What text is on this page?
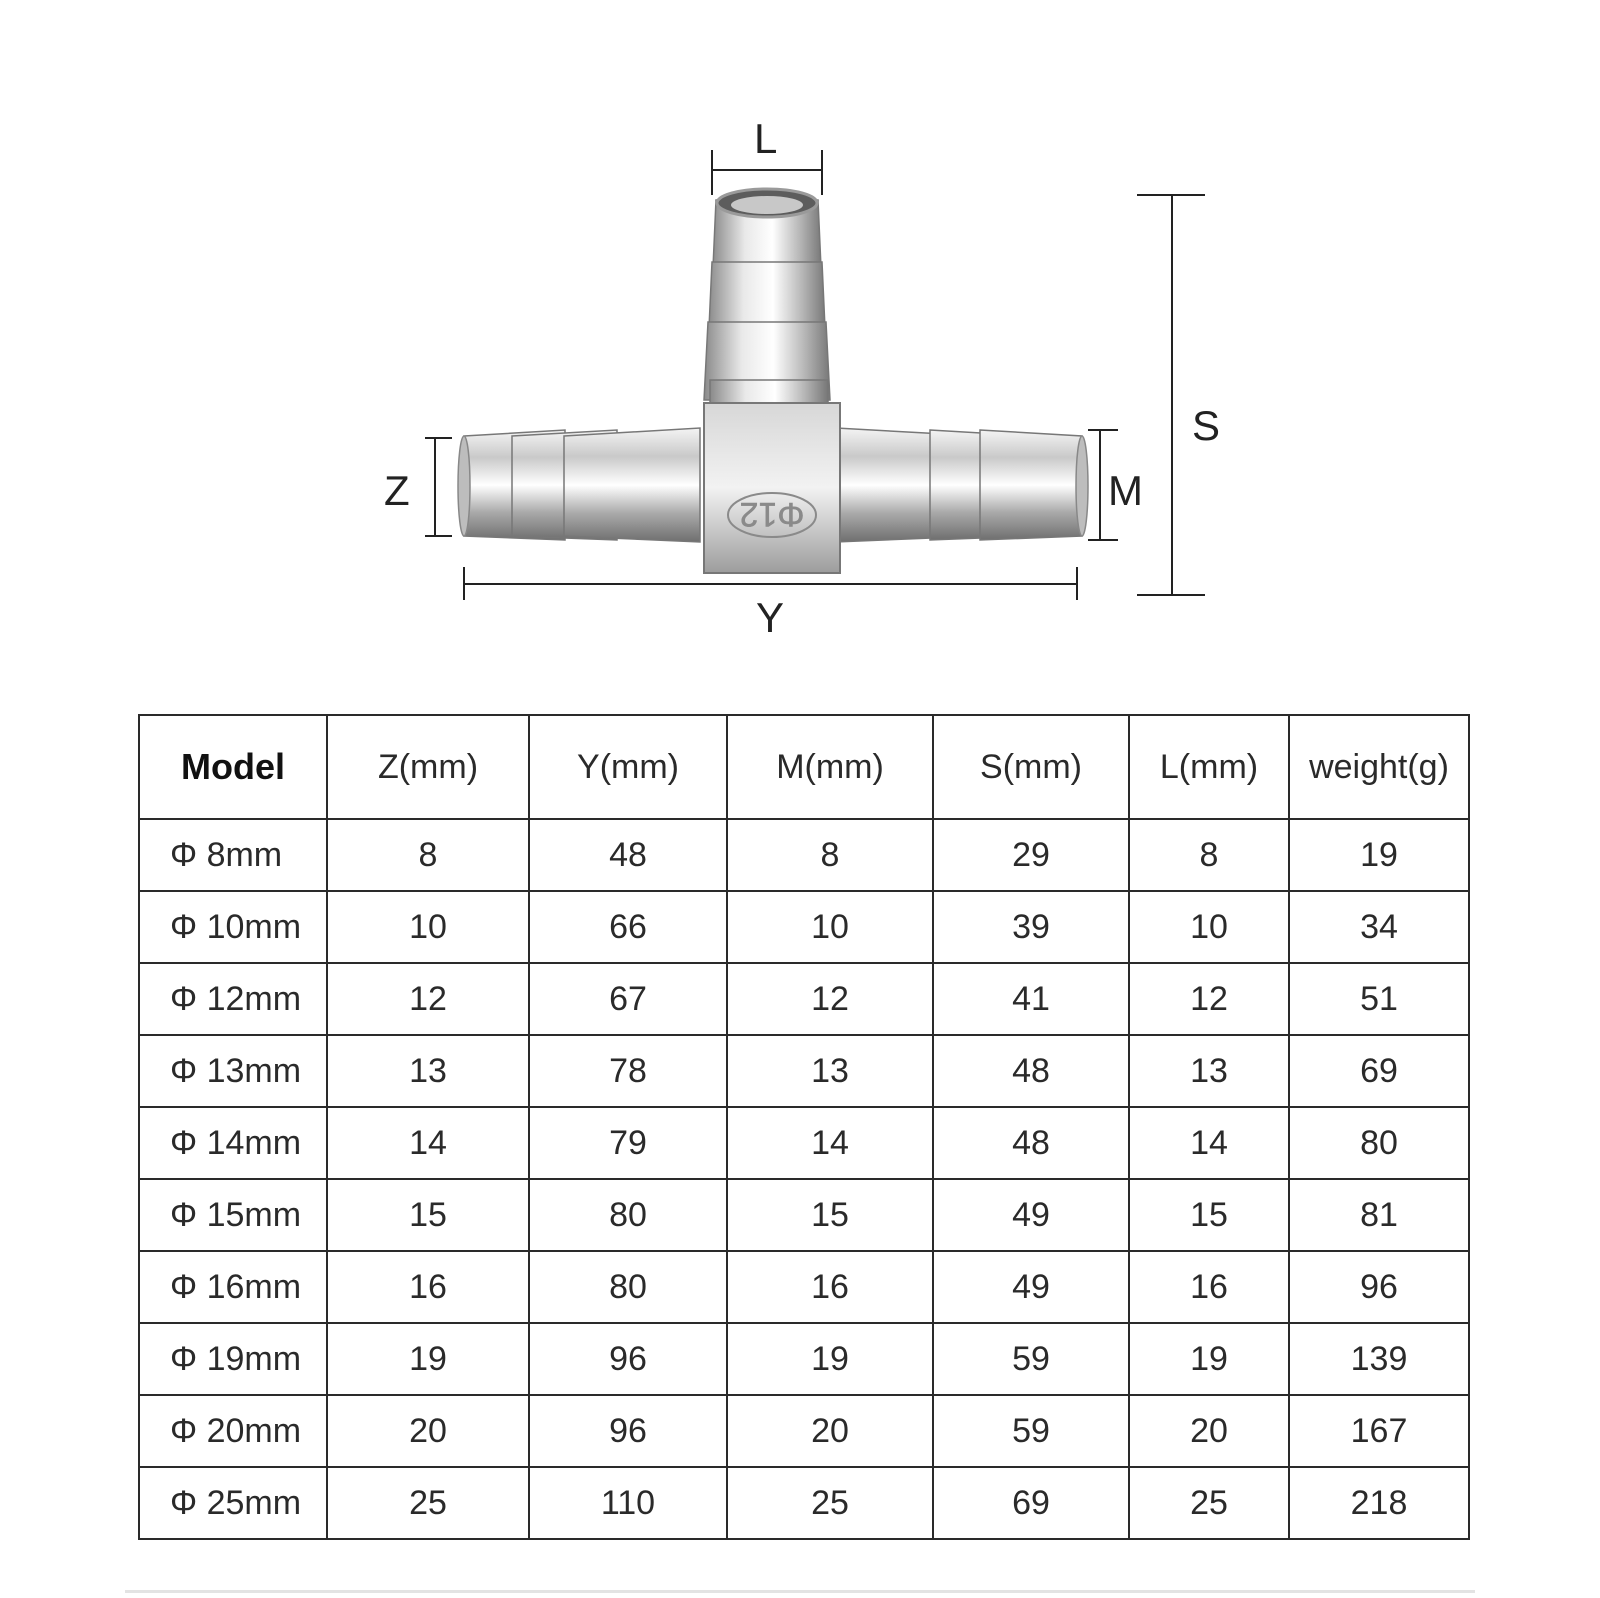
Φ12
L
S
Z	M
Y
Model	Z(mm)	Y(mm)	M(mm)	S(mm)	L(mm)	weight(g)
Φ 8mm	8	48	8	29	8	19
Φ 10mm	10	66	10	39	10	34
Φ 12mm	12	67	12	41	12	51
Φ 13mm	13	78	13	48	13	69
Φ 14mm	14	79	14	48	14	80
Φ 15mm	15	80	15	49	15	81
Φ 16mm	16	80	16	49	16	96
Φ 19mm	19	96	19	59	19	139
Φ 20mm	20	96	20	59	20	167
Φ 25mm	25	110	25	69	25	218
